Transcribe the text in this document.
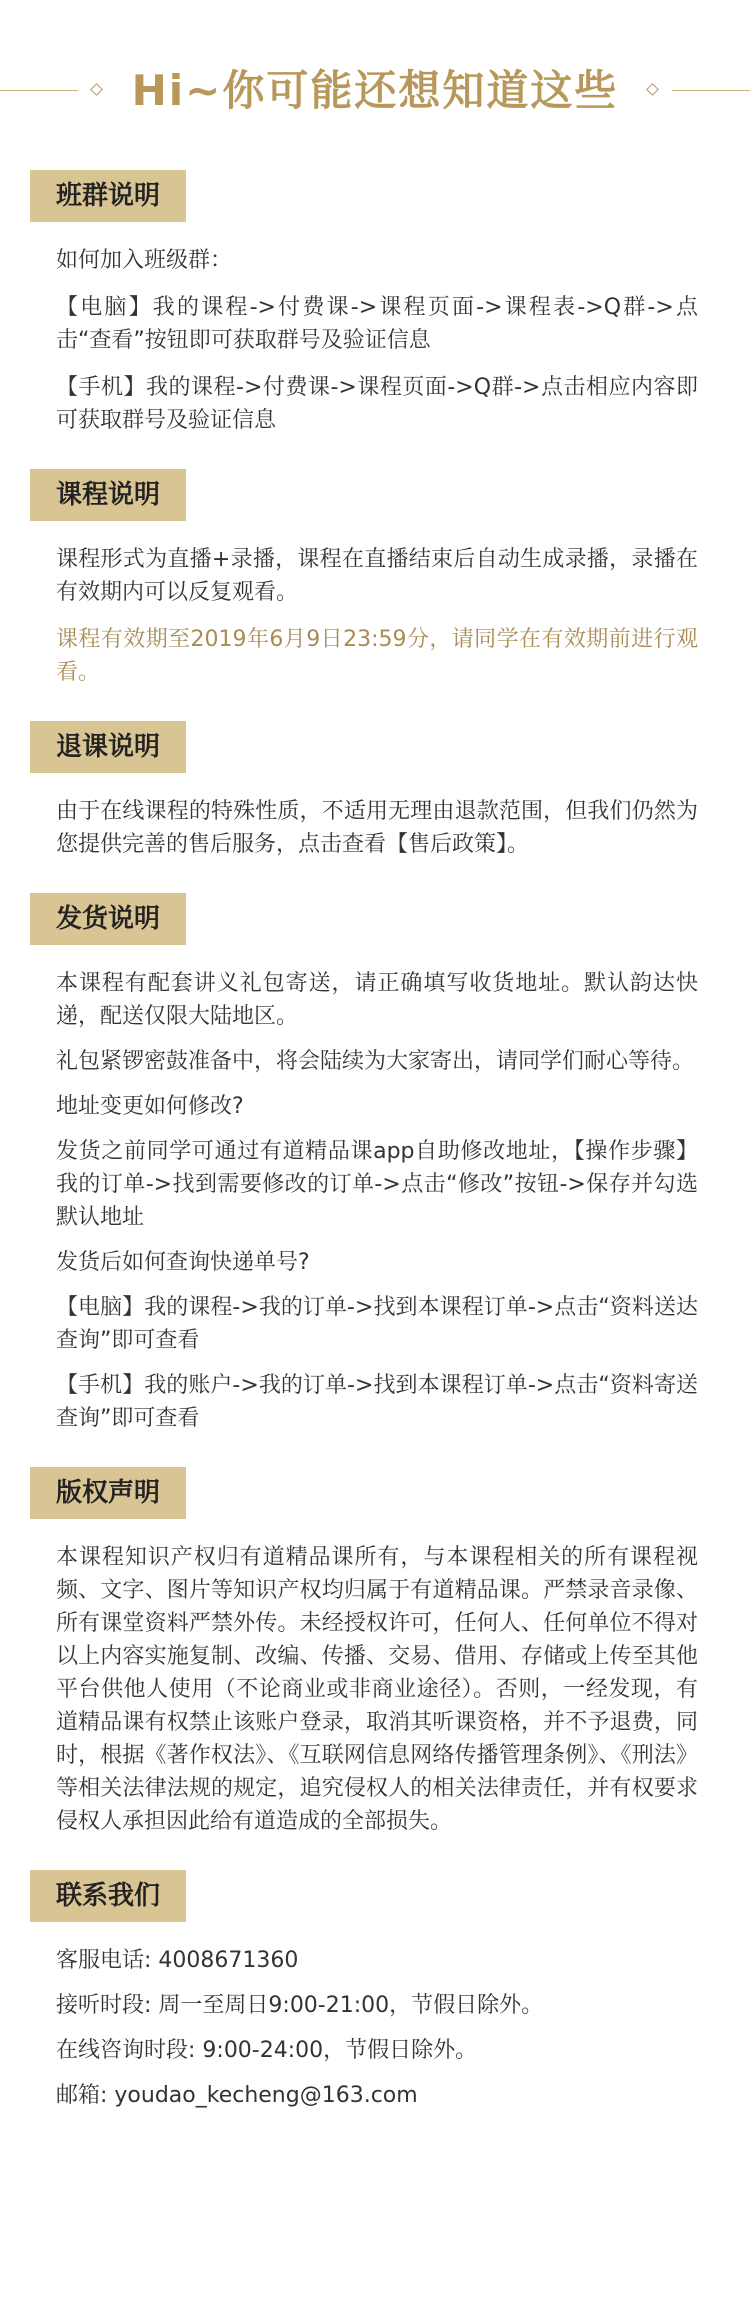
Hi~你可能还想知道这些
班群说明

如何加入班级群：

【电脑】我的课程->付费课->课程页面->课程表->Q群->点击“查看”按钮即可获取群号及验证信息

【手机】我的课程->付费课->课程页面->Q群->点击相应内容即可获取群号及验证信息

课程说明

课程形式为直播+录播，课程在直播结束后自动生成录播，录播在有效期内可以反复观看。

课程有效期至2019年6月9日23:59分，请同学在有效期前进行观看。

退课说明

由于在线课程的特殊性质，不适用无理由退款范围，但我们仍然为您提供完善的售后服务，点击查看【售后政策】。

发货说明

本课程有配套讲义礼包寄送，请正确填写收货地址。默认韵达快递，配送仅限大陆地区。

礼包紧锣密鼓准备中，将会陆续为大家寄出，请同学们耐心等待。

地址变更如何修改?

发货之前同学可通过有道精品课app自助修改地址，【操作步骤】我的订单->找到需要修改的订单->点击“修改”按钮->保存并勾选默认地址

发货后如何查询快递单号?

【电脑】我的课程->我的订单->找到本课程订单->点击“资料送达查询”即可查看

【手机】我的账户->我的订单->找到本课程订单->点击“资料寄送查询”即可查看

版权声明

本课程知识产权归有道精品课所有，与本课程相关的所有课程视频、文字、图片等知识产权均归属于有道精品课。严禁录音录像、所有课堂资料严禁外传。未经授权许可，任何人、任何单位不得对以上内容实施复制、改编、传播、交易、借用、存储或上传至其他平台供他人使用（不论商业或非商业途径）。否则，一经发现，有道精品课有权禁止该账户登录，取消其听课资格，并不予退费，同时，根据《著作权法》、《互联网信息网络传播管理条例》、《刑法》等相关法律法规的规定，追究侵权人的相关法律责任，并有权要求侵权人承担因此给有道造成的全部损失。

联系我们

客服电话: 4008671360

接听时段: 周一至周日9:00-21:00，节假日除外。

在线咨询时段: 9:00-24:00，节假日除外。

邮箱: youdao_kecheng@163.com
